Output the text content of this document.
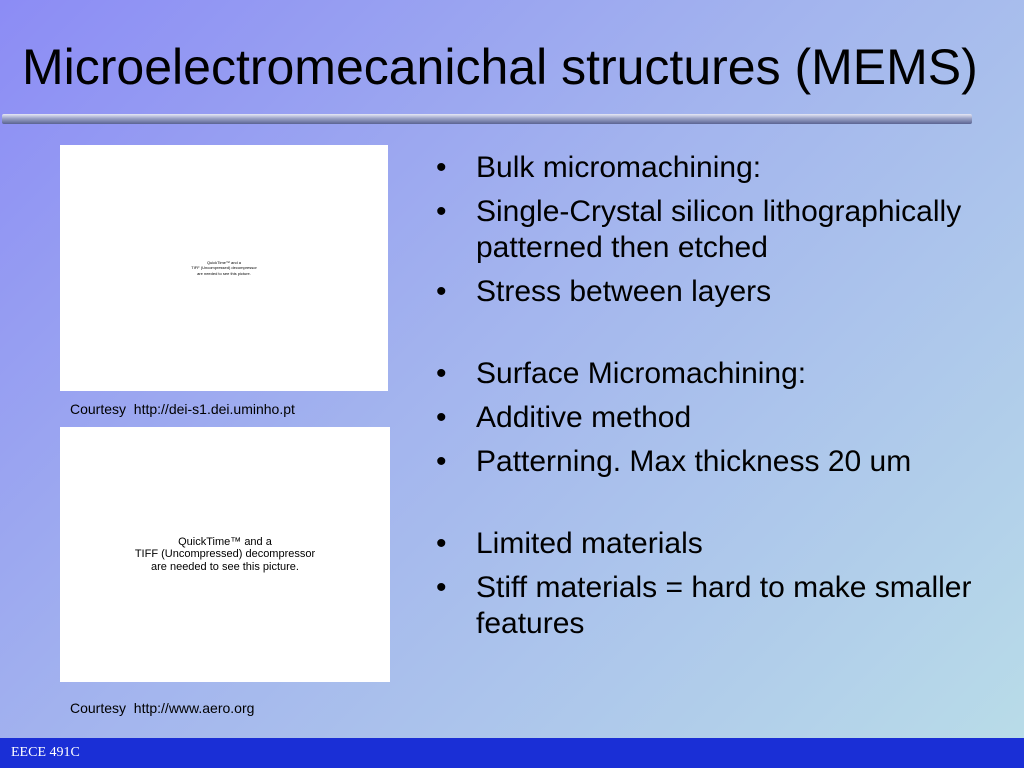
Microelectromecanichal structures (MEMS)
QuickTime™ and a
TIFF (Uncompressed) decompressor
are needed to see this picture.
Courtesy  http://dei-s1.dei.uminho.pt
QuickTime™ and a
TIFF (Uncompressed) decompressor
are needed to see this picture.
Courtesy  http://www.aero.org
• Bulk micromachining:
• Single-Crystal silicon lithographically patterned then etched
• Stress between layers
• Surface Micromachining:
• Additive method
• Patterning. Max thickness 20 um
• Limited materials
• Stiff materials = hard to make smaller features
EECE 491C
